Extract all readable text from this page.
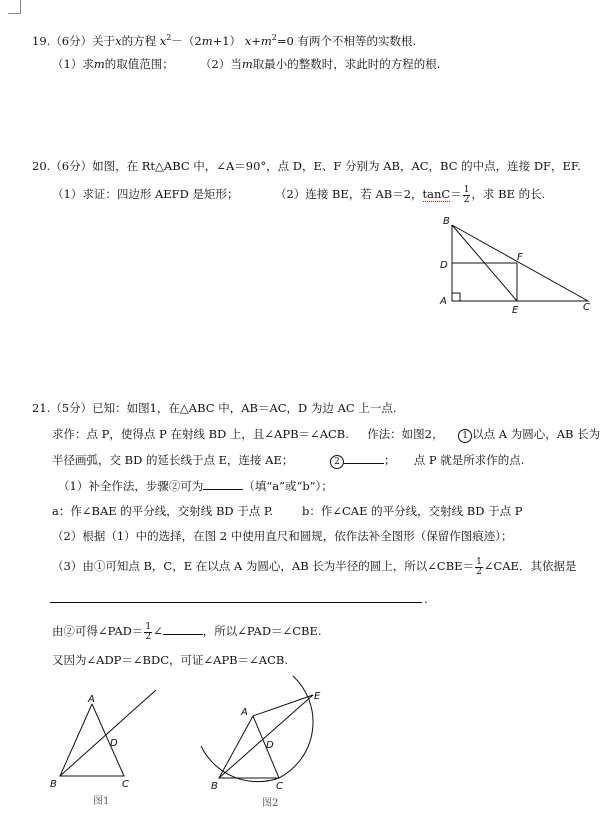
19.（6分）关于x的方程 $x^2-(2m+1)$ $x+m^2=0$ 有两个不相等的实数根.
（1）求m的取值范围； （2）当m取最小的整数时，求此时的方程的根.
20.（6分）如图，在 Rt△ABC 中，∠A＝90°，点 D，E、F 分别为 AB，AC，BC 的中点，连接 DF，EF.
（1）求证：四边形 AEFD 是矩形；	（2）连接 BE，若 AB＝2，$\tan C= \frac{1}{2}$ ，求 BE 的长.
B
D
F
A
E	C
21.（5分）已知：如图1，在△ABC 中，AB＝AC，D 为边 AC 上一点.
求作：点 P，使得点 P 在射线 BD 上，且∠APB＝∠ACB. 作法：如图2， 1 以点 A 为圆心，AB 长为
半径画弧，交 BD 的延长线于点 E，连接 AE；	2	； 点 P 就是所求作的点.
（1）补全作法，步骤②可为	（填“a”或“b”）；
a：作∠BAE 的平分线，交射线 BD 于点 P.	b：作∠CAE 的平分线，交射线 BD 于点 P
（2）根据（1）中的选择，在图 2 中使用直尺和圆规，依作法补全图形（保留作图痕迹）；
（3）由①可知点 B，C，E 在以点 A 为圆心，AB 长为半径的圆上，所以∠CBE＝ $\frac{1}{2}$ ∠CAE．其依据是
.
由②可得∠PAD＝ $\frac{1}{2}$ ∠	，所以∠PAD＝∠CBE.
又因为∠ADP＝∠BDC，可证∠APB＝∠ACB.
A
D
B	C
图1
A
E
D
B	C
图2
